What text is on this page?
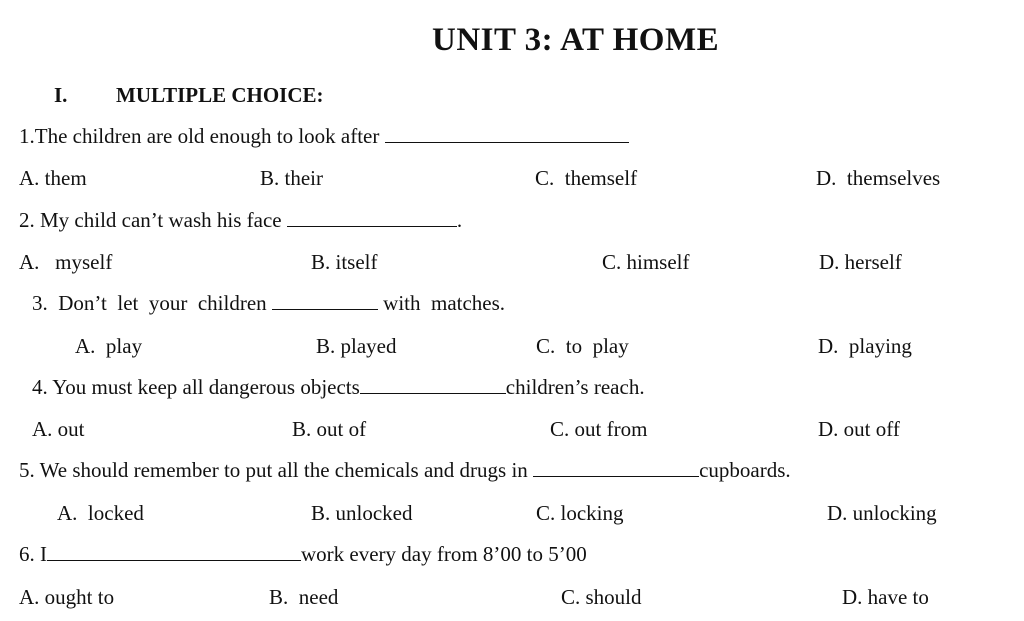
UNIT 3: AT HOME
I. MULTIPLE CHOICE:
1.The children are old enough to look after
A. them	B. their	C.  themself	D.  themselves
2. My child can’t wash his face	.
A.   myself	B. itself	C. himself	D. herself
3.  Don’t  let  your  children	with  matches.
A.  play	B. played	C.  to  play	D.  playing
4. You must keep all dangerous objects	children’s reach.
A. out	B. out of	C. out from	D. out off
5. We should remember to put all the chemicals and drugs in	cupboards.
A.  locked	B. unlocked	C. locking	D. unlocking
6. I	work every day from 8’00 to 5’00
A. ought to	B.  need	C. should	D. have to
